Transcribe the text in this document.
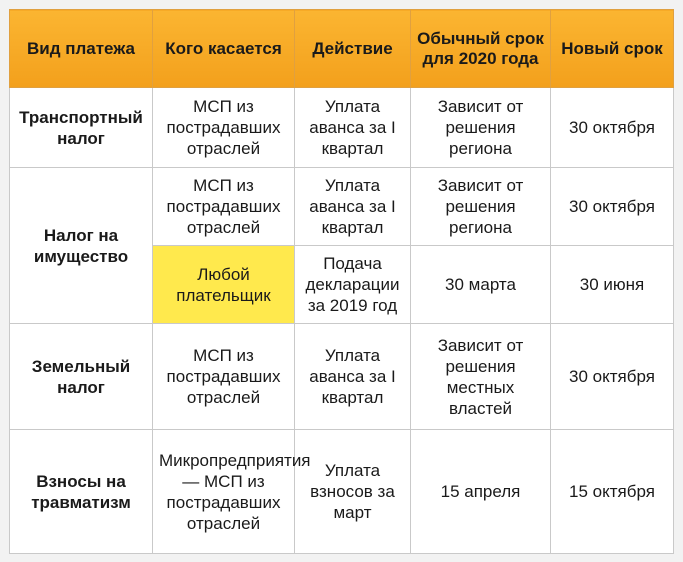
Вид платежа	Кого касается	Действие	Обычный срок для 2020 года	Новый срок
Транспортный налог	МСП из пострадавших отраслей	Уплата аванса за I квартал	Зависит от решения региона	30 октября
Налог на имущество	МСП из пострадавших отраслей	Уплата аванса за I квартал	Зависит от решения региона	30 октября
	Любой плательщик	Подача декларации за 2019 год	30 марта	30 июня
Земельный налог	МСП из пострадавших отраслей	Уплата аванса за I квартал	Зависит от решения местных властей	30 октября
Взносы на травматизм	Микропредприятия — МСП из пострадавших отраслей	Уплата взносов за март	15 апреля	15 октября
